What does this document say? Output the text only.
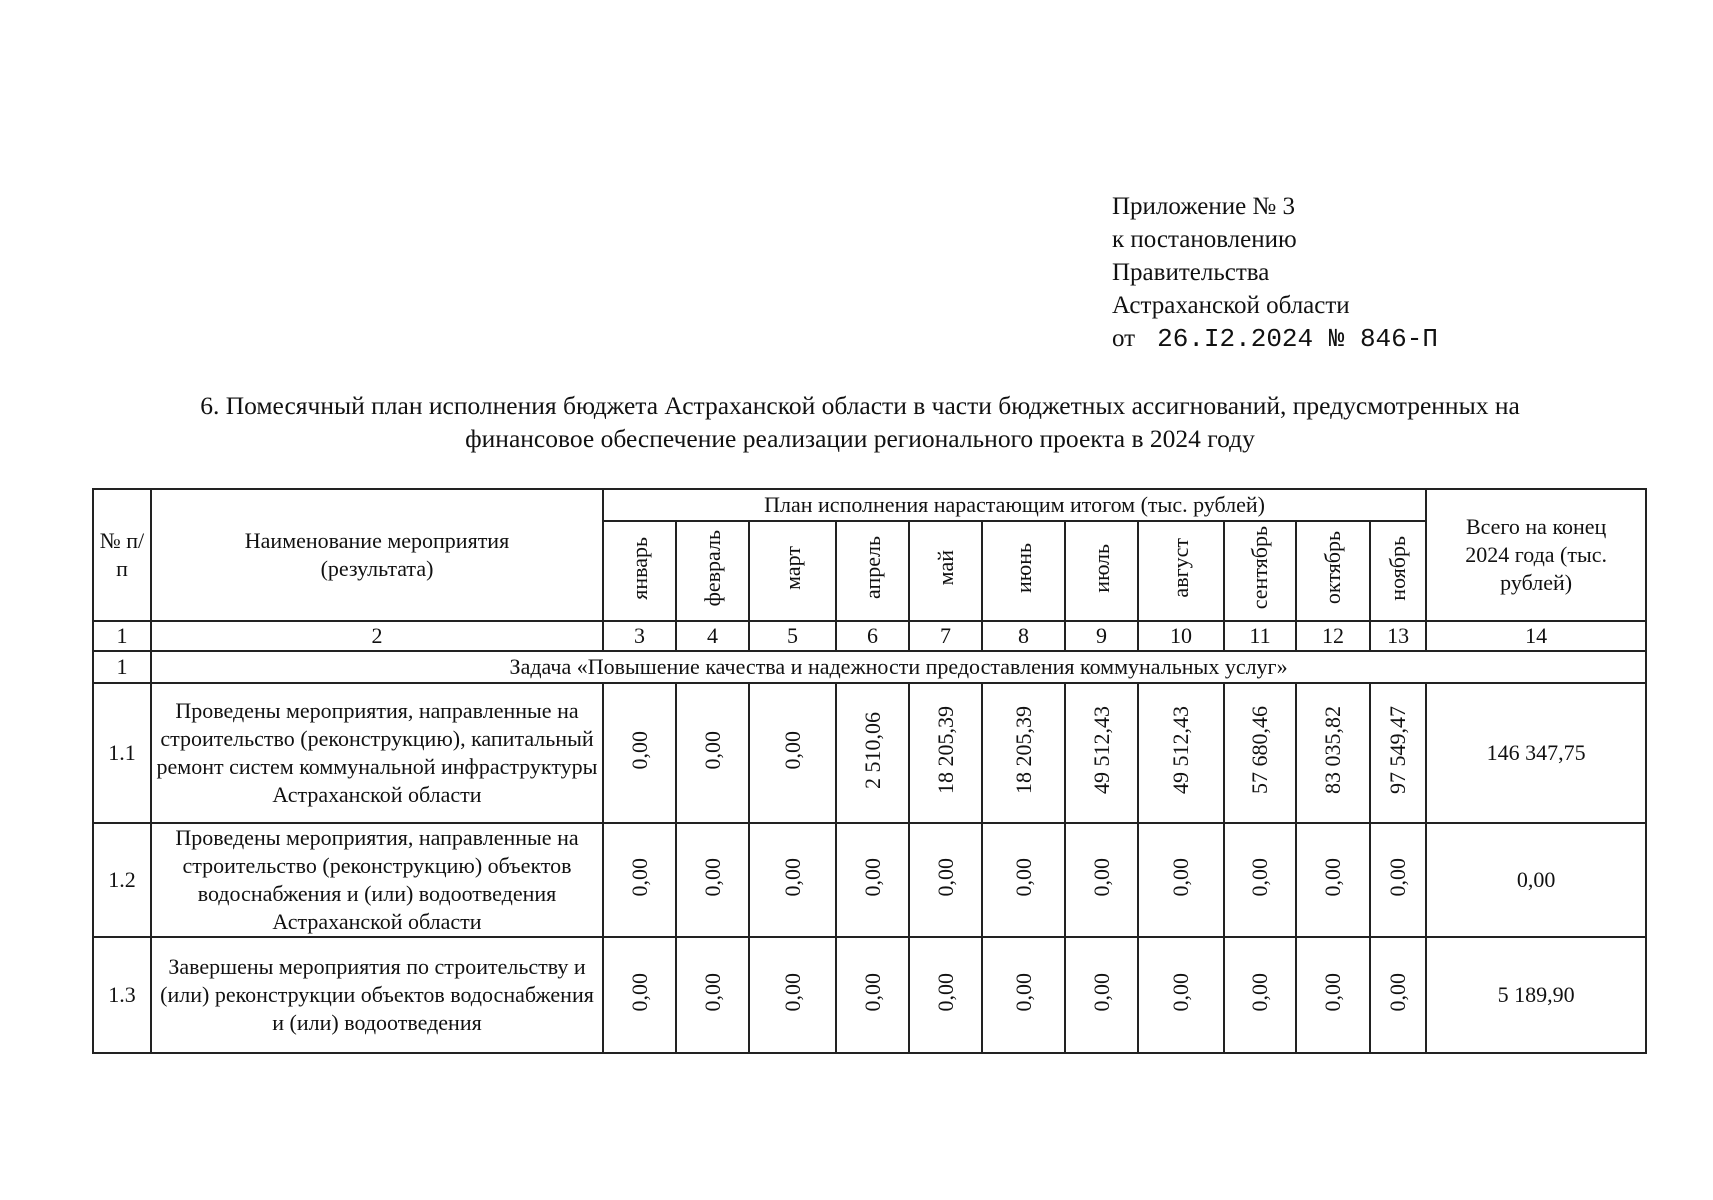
Приложение № 3
к постановлению
Правительства
Астраханской области
от 26.I2.2024 № 846-П
6. Помесячный план исполнения бюджета Астраханской области в части бюджетных ассигнований, предусмотренных на
финансовое обеспечение реализации регионального проекта в 2024 году
№ п/п	Наименование мероприятия (результата)	План исполнения нарастающим итогом (тыс. рублей)											Всего на конец 2024 года (тыс. рублей)
		январь	февраль	март	апрель	май	июнь	июль	август	сентябрь	октябрь	ноябрь	
1	2	3	4	5	6	7	8	9	10	11	12	13	14
1	Задача «Повышение качества и надежности предоставления коммунальных услуг»												
1.1	Проведены мероприятия, направленные на строительство (реконструкцию), капитальный ремонт систем коммунальной инфраструктуры Астраханской области	0,00	0,00	0,00	2 510,06	18 205,39	18 205,39	49 512,43	49 512,43	57 680,46	83 035,82	97 549,47	146 347,75
1.2	Проведены мероприятия, направленные на строительство (реконструкцию) объектов водоснабжения и (или) водоотведения Астраханской области	0,00	0,00	0,00	0,00	0,00	0,00	0,00	0,00	0,00	0,00	0,00	0,00
1.3	Завершены мероприятия по строительству и (или) реконструкции объектов водоснабжения и (или) водоотведения	0,00	0,00	0,00	0,00	0,00	0,00	0,00	0,00	0,00	0,00	0,00	5 189,90
